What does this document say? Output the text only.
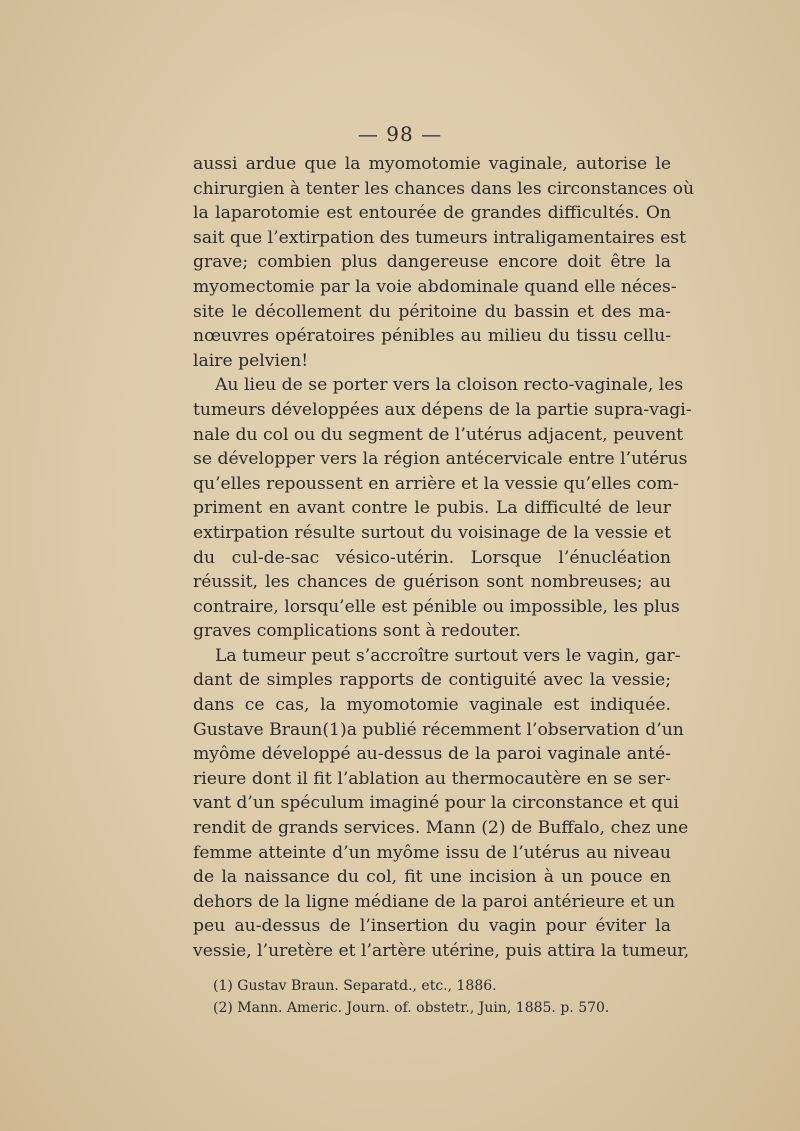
— 98 —
aussi ardue que la myomotomie vaginale, autorise le
chirurgien à tenter les chances dans les circonstances où
la laparotomie est entourée de grandes difficultés. On
sait que l’extirpation des tumeurs intraligamentaires est
grave; combien plus dangereuse encore doit être la
myomectomie par la voie abdominale quand elle néces-
site le décollement du péritoine du bassin et des ma-
nœuvres opératoires pénibles au milieu du tissu cellu-
laire pelvien!
Au lieu de se porter vers la cloison recto-vaginale, les
tumeurs développées aux dépens de la partie supra-vagi-
nale du col ou du segment de l’utérus adjacent, peuvent
se développer vers la région antécervicale entre l’utérus
qu’elles repoussent en arrière et la vessie qu’elles com-
priment en avant contre le pubis. La difficulté de leur
extirpation résulte surtout du voisinage de la vessie et
du cul-de-sac vésico-utérin. Lorsque l’énucléation
réussit, les chances de guérison sont nombreuses; au
contraire, lorsqu’elle est pénible ou impossible, les plus
graves complications sont à redouter.
La tumeur peut s’accroître surtout vers le vagin, gar-
dant de simples rapports de contiguité avec la vessie;
dans ce cas, la myomotomie vaginale est indiquée.
Gustave Braun(1)a publié récemment l’observation d’un
myôme développé au-dessus de la paroi vaginale anté-
rieure dont il fit l’ablation au thermocautère en se ser-
vant d’un spéculum imaginé pour la circonstance et qui
rendit de grands services. Mann (2) de Buffalo, chez une
femme atteinte d’un myôme issu de l’utérus au niveau
de la naissance du col, fit une incision à un pouce en
dehors de la ligne médiane de la paroi antérieure et un
peu au-dessus de l’insertion du vagin pour éviter la
vessie, l’uretère et l’artère utérine, puis attira la tumeur,
(1) Gustav Braun. Separatd., etc., 1886.
(2) Mann. Americ. Journ. of. obstetr., Juin, 1885. p. 570.
